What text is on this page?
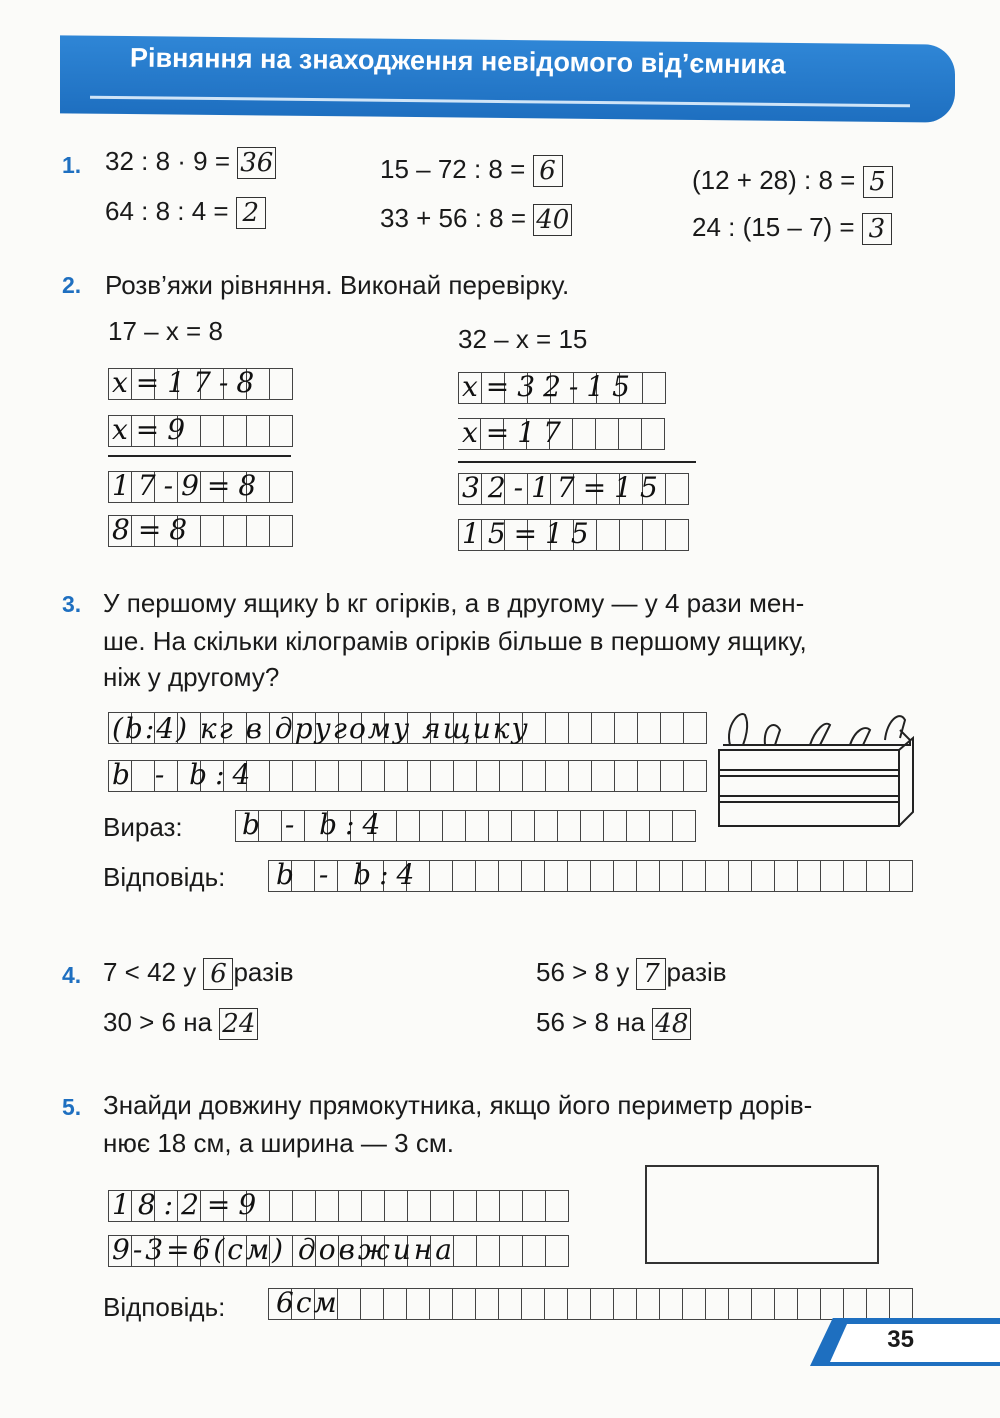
Рівняння на знаходження невідомого від’ємника
1. 32 : 8 · 9 = 36
64 : 8 : 4 = 2
15 – 72 : 8 = 6
33 + 56 : 8 = 40
(12 + 28) : 8 = 5
24 : (15 – 7) = 3
2. Розв’яжи рівняння. Виконай перевірку.
17 – x = 8	32 – x = 15
x=17-8
x=9
17-9=8
8=8
x=32-15
x=17
32-17=15
15=15
3. У першому ящику b кг огірків, а в другому — у 4 рази мен-
ше. На скільки кілограмів огірків більше в першому ящику,
ніж у другому?
(b:4) кг в другому ящику
b - b:4
Вираз: b - b:4
Відповідь: b - b:4
4. 7 < 42 у 6 разів
30 > 6 на 24
56 > 8 у 7 разів
56 > 8 на 48
5. Знайди довжину прямокутника, якщо його периметр дорів-
нює 18 см, а ширина — 3 см.
18:2=9
9-3=6(см) довжина
Відповідь: 6см
35
